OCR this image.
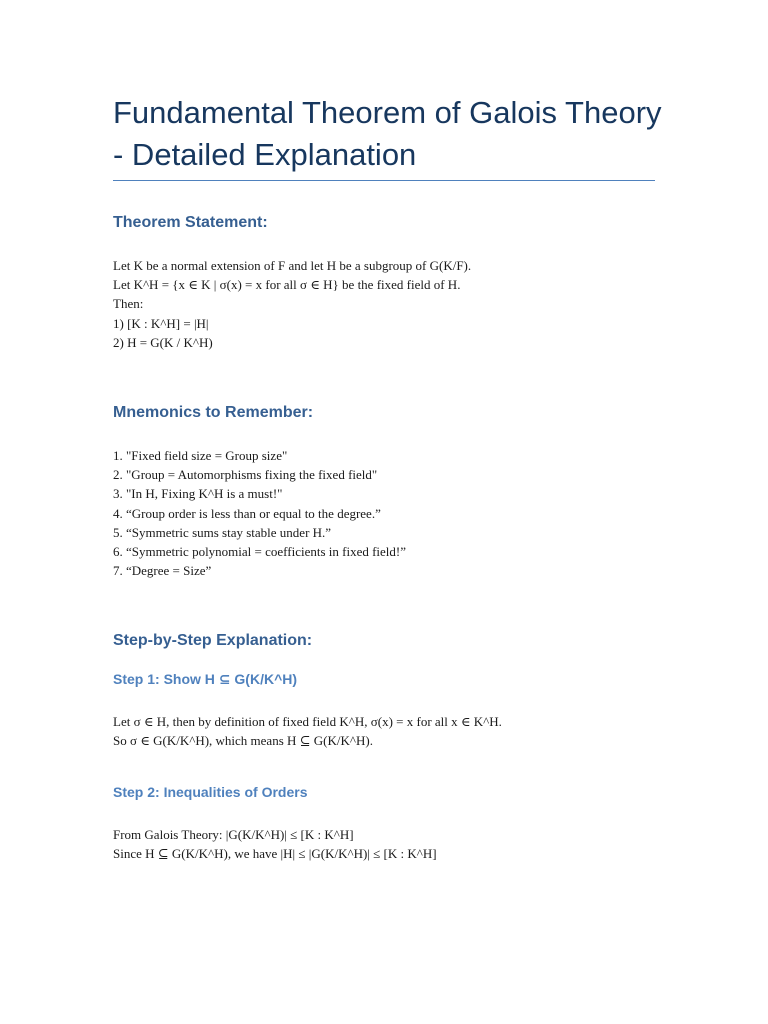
Fundamental Theorem of Galois Theory - Detailed Explanation
Theorem Statement:
Let K be a normal extension of F and let H be a subgroup of G(K/F).
Let K^H = {x ∈ K | σ(x) = x for all σ ∈ H} be the fixed field of H.
Then:
1) [K : K^H] = |H|
2) H = G(K / K^H)
Mnemonics to Remember:
1. "Fixed field size = Group size"
2. "Group = Automorphisms fixing the fixed field"
3. "In H, Fixing K^H is a must!"
4. “Group order is less than or equal to the degree.”
5. “Symmetric sums stay stable under H.”
6. “Symmetric polynomial = coefficients in fixed field!”
7. “Degree = Size”
Step-by-Step Explanation:
Step 1: Show H ⊆ G(K/K^H)
Let σ ∈ H, then by definition of fixed field K^H, σ(x) = x for all x ∈ K^H.
So σ ∈ G(K/K^H), which means H ⊆ G(K/K^H).
Step 2: Inequalities of Orders
From Galois Theory: |G(K/K^H)| ≤ [K : K^H]
Since H ⊆ G(K/K^H), we have |H| ≤ |G(K/K^H)| ≤ [K : K^H]
